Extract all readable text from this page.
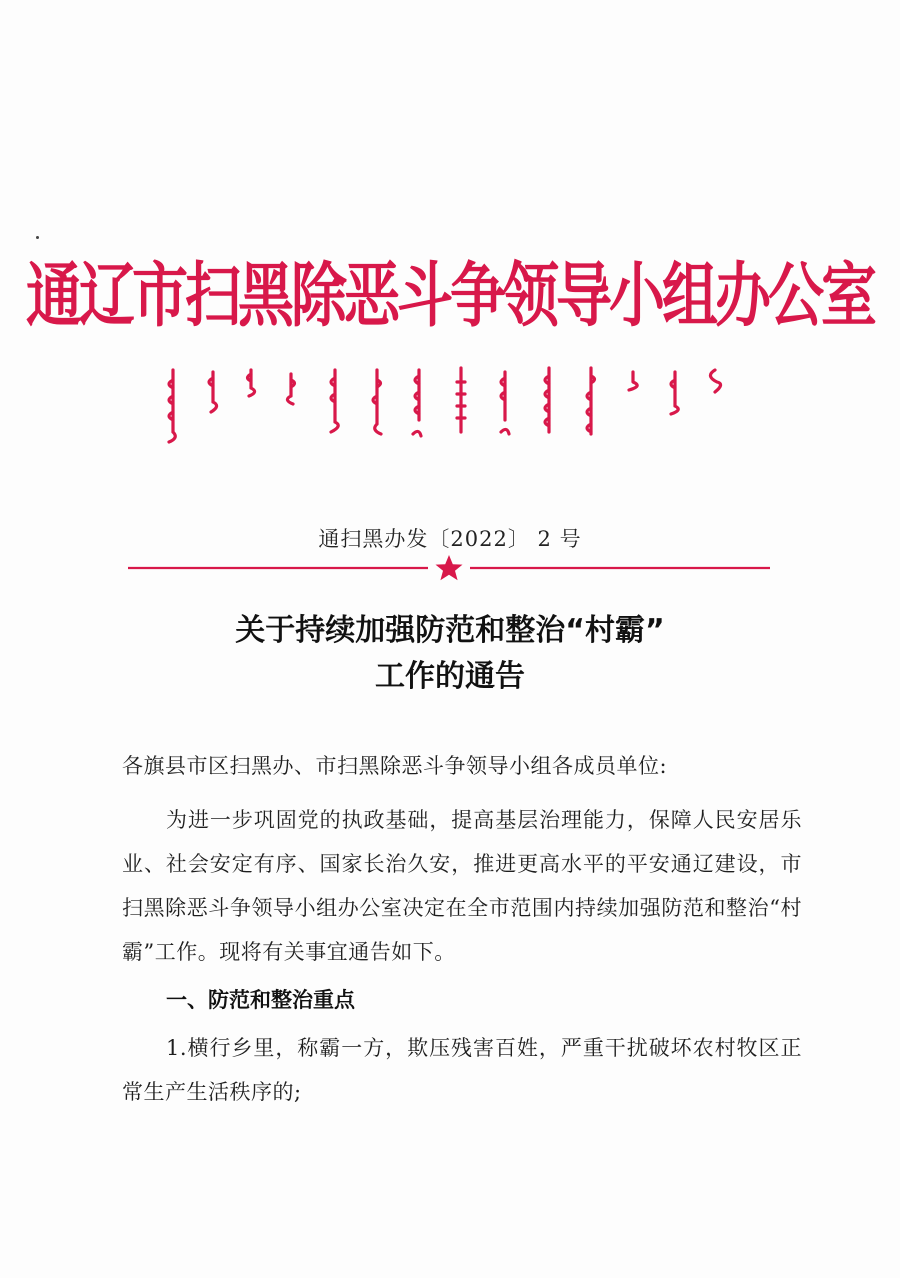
通辽市扫黑除恶斗争领导小组办公室
通扫黑办发〔2022〕 2 号
关于持续加强防范和整治“村霸”
工作的通告
各旗县市区扫黑办、市扫黑除恶斗争领导小组各成员单位:
为进一步巩固党的执政基础，提高基层治理能力，保障人民安居乐业、社会安定有序、国家长治久安，推进更高水平的平安通辽建设，市扫黑除恶斗争领导小组办公室决定在全市范围内持续加强防范和整治“村霸”工作。现将有关事宜通告如下。
一、防范和整治重点
1.横行乡里，称霸一方，欺压残害百姓，严重干扰破坏农村牧区正常生产生活秩序的;
